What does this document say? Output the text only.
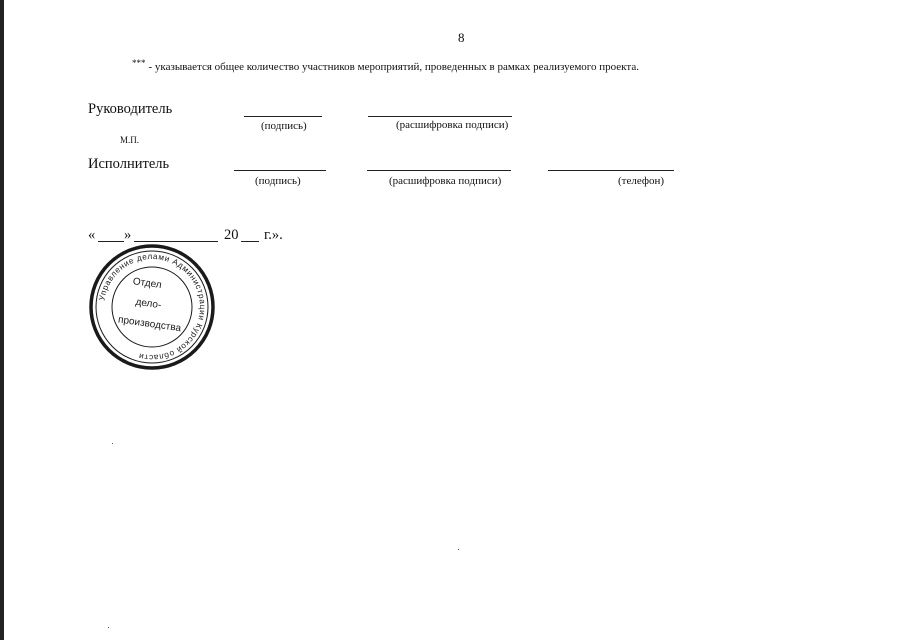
8
*** - указывается общее количество участников мероприятий, проведенных в рамках реализуемого проекта.
Руководитель
(подпись)	(расшифровка подписи)
М.П.
Исполнитель
(подпись)	(расшифровка подписи)	(телефон)
« »	20 г.».
Управление делами Администрации Курской области
Отдел
дело-
производства
